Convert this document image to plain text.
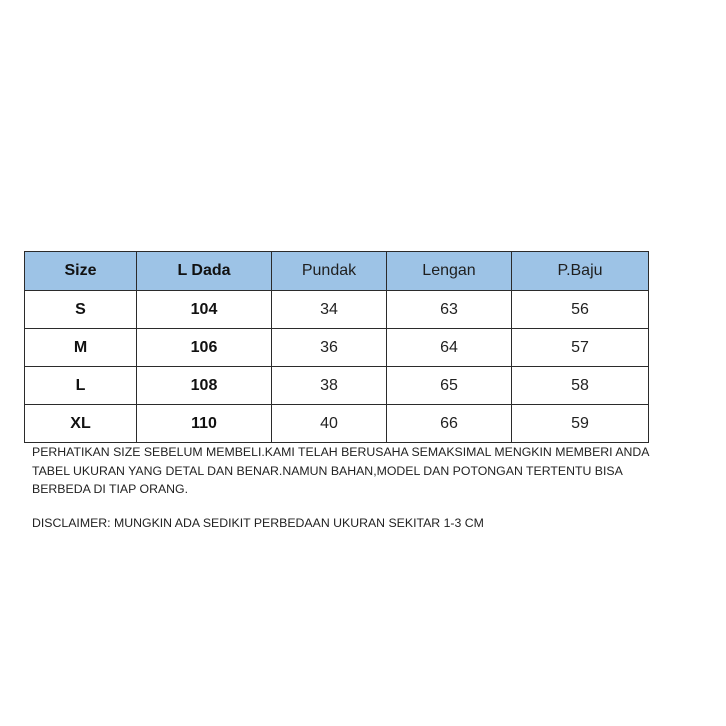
Size	L Dada	Pundak	Lengan	P.Baju
S	104	34	63	56
M	106	36	64	57
L	108	38	65	58
XL	110	40	66	59

PERHATIKAN SIZE SEBELUM MEMBELI.KAMI TELAH BERUSAHA SEMAKSIMAL MENGKIN MEMBERI ANDA

TABEL UKURAN YANG DETAL DAN BENAR.NAMUN BAHAN,MODEL DAN POTONGAN TERTENTU BISA

BERBEDA DI TIAP ORANG.

DISCLAIMER: MUNGKIN ADA SEDIKIT PERBEDAAN UKURAN SEKITAR 1-3 CM
